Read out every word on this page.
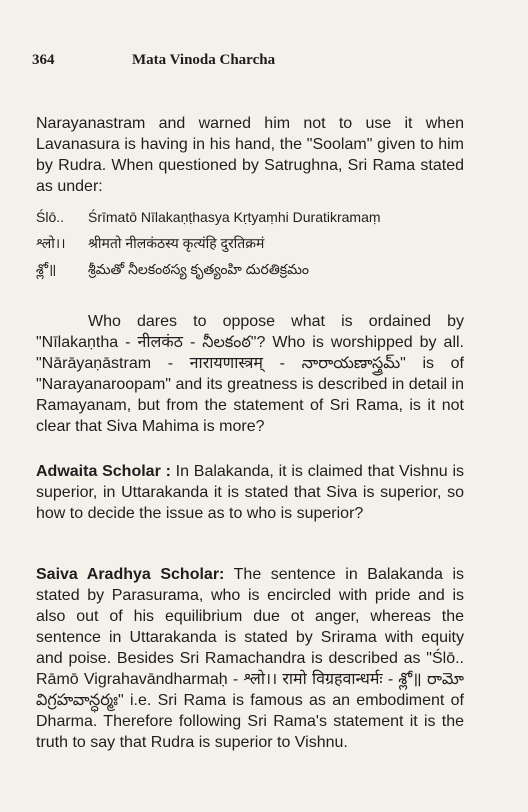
364	Mata Vinoda Charcha

Narayanastram and warned him not to use it when Lavanasura is having in his hand, the "Soolam" given to him by Rudra. When questioned by Satrughna, Sri Rama stated as under:

Ślō.. Śrīmatō Nīlakaṇṭhasya Kṛtyaṃhi Duratikramaṃ
श्लो।। श्रीमतो नीलकंठस्य कृत्यंहि दुरतिक्रमं
శ్లో॥ శ్రీమతో నీలకంఠస్య కృత్యంహి దురతిక్రమం

Who dares to oppose what is ordained by "Nīlakaṇtha - नीलकंठ - నీలకంఠ"? Who is worshipped by all. "Nārāyaṇāstram - नारायणास्त्रम् - నారాయణాస్త్రమ్" is of "Narayanaroopam" and its greatness is described in detail in Ramayanam, but from the statement of Sri Rama, is it not clear that Siva Mahima is more?

Adwaita Scholar : In Balakanda, it is claimed that Vishnu is superior, in Uttarakanda it is stated that Siva is superior, so how to decide the issue as to who is superior?

Saiva Aradhya Scholar: The sentence in Balakanda is stated by Parasurama, who is encircled with pride and is also out of his equilibrium due ot anger, whereas the sentence in Uttarakanda is stated by Srirama with equity and poise. Besides Sri Ramachandra is described as "Ślō.. Rāmō Vigrahavāndharmaḥ - श्लो।। रामो विग्रहवान्धर्मः - శ్లో॥ రామో విగ్రహవాన్ధర్మః" i.e. Sri Rama is famous as an embodiment of Dharma. Therefore following Sri Rama's statement it is the truth to say that Rudra is superior to Vishnu.
